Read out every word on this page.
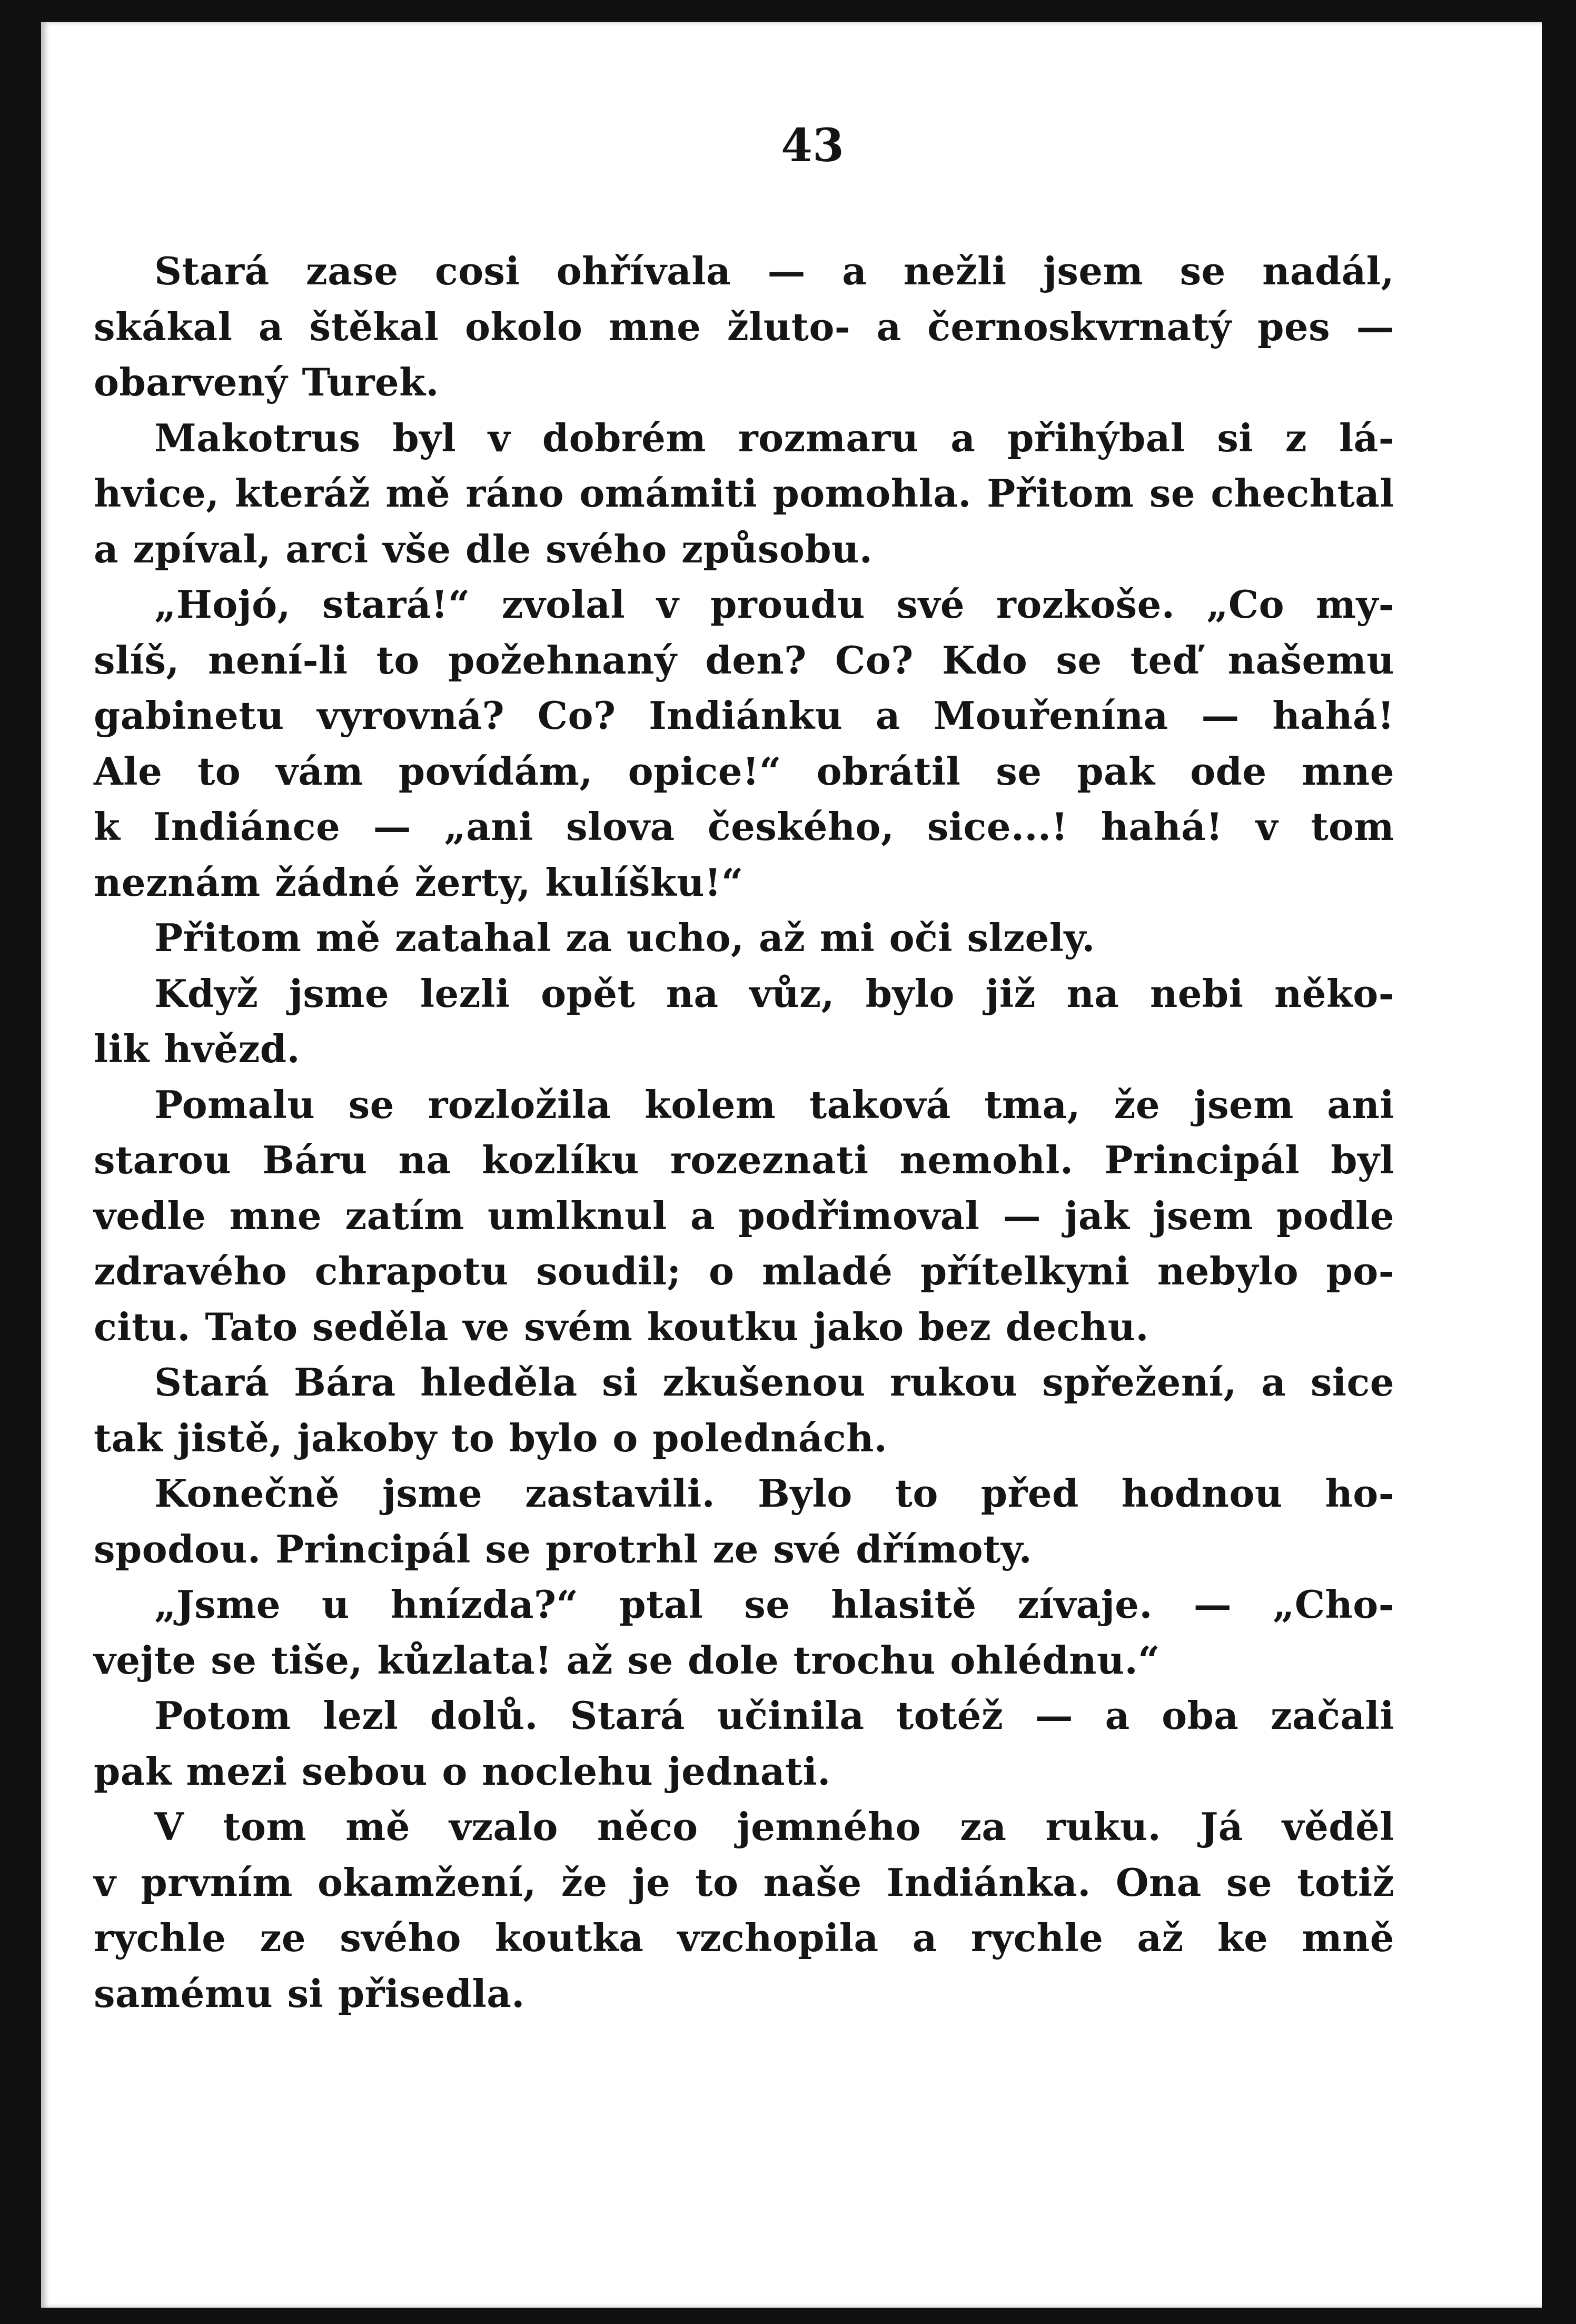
43
Stará zase cosi ohřívala — a nežli jsem se nadál,
skákal a štěkal okolo mne žluto- a černoskvrnatý pes —
obarvený Turek.
Makotrus byl v dobrém rozmaru a přihýbal si z lá-
hvice, kteráž mě ráno omámiti pomohla. Přitom se chechtal
a zpíval, arci vše dle svého způsobu.
„Hojó, stará!“ zvolal v proudu své rozkoše. „Co my-
slíš, není-li to požehnaný den? Co? Kdo se teď našemu
gabinetu vyrovná? Co? Indiánku a Mouřenína — hahá!
Ale to vám povídám, opice!“ obrátil se pak ode mne
k Indiánce — „ani slova českého, sice...! hahá! v tom
neznám žádné žerty, kulíšku!“
Přitom mě zatahal za ucho, až mi oči slzely.
Když jsme lezli opět na vůz, bylo již na nebi něko-
lik hvězd.
Pomalu se rozložila kolem taková tma, že jsem ani
starou Báru na kozlíku rozeznati nemohl. Principál byl
vedle mne zatím umlknul a podřimoval — jak jsem podle
zdravého chrapotu soudil; o mladé přítelkyni nebylo po-
citu. Tato seděla ve svém koutku jako bez dechu.
Stará Bára hleděla si zkušenou rukou spřežení, a sice
tak jistě, jakoby to bylo o polednách.
Konečně jsme zastavili. Bylo to před hodnou ho-
spodou. Principál se protrhl ze své dřímoty.
„Jsme u hnízda?“ ptal se hlasitě zívaje. — „Cho-
vejte se tiše, kůzlata! až se dole trochu ohlédnu.“
Potom lezl dolů. Stará učinila totéž — a oba začali
pak mezi sebou o noclehu jednati.
V tom mě vzalo něco jemného za ruku. Já věděl
v prvním okamžení, že je to naše Indiánka. Ona se totiž
rychle ze svého koutka vzchopila a rychle až ke mně
samému si přisedla.
